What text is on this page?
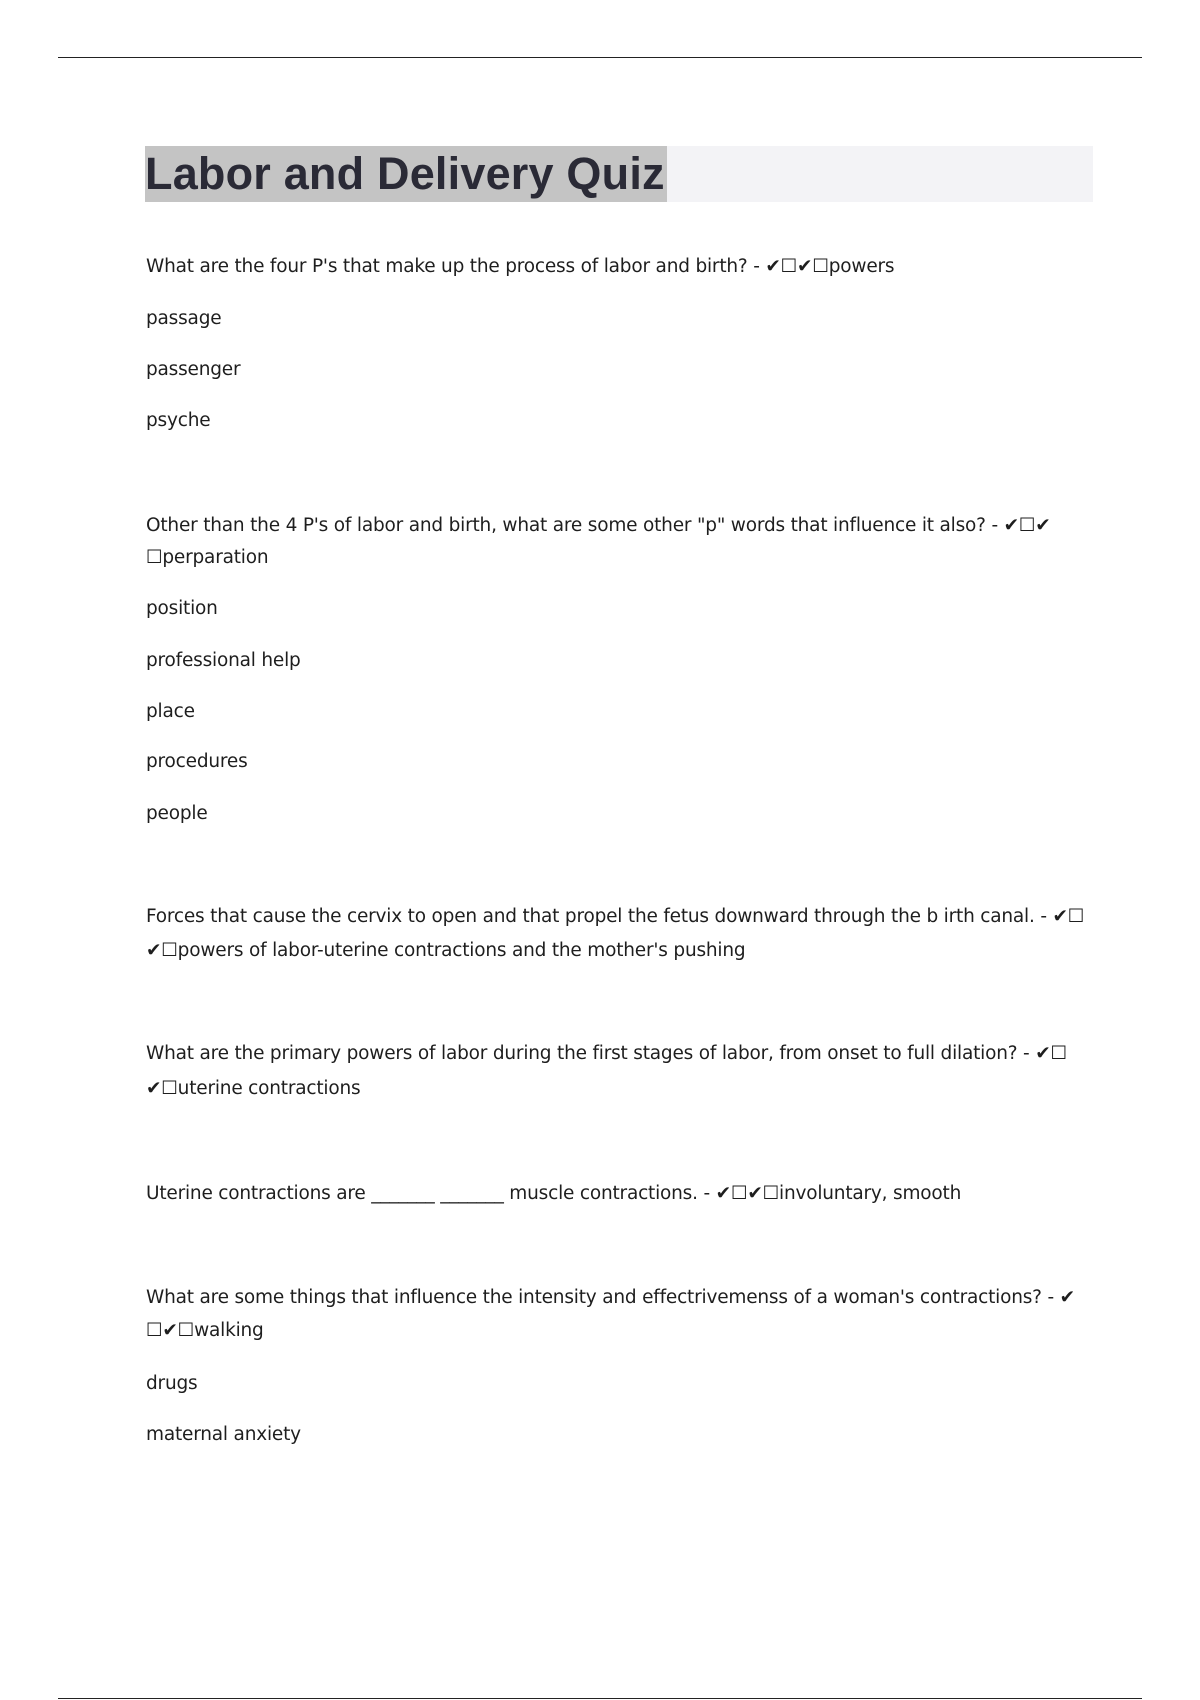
Labor and Delivery Quiz
What are the four P's that make up the process of labor and birth? - ✔☐✔☐powers
passage
passenger
psyche
Other than the 4 P's of labor and birth, what are some other "p" words that influence it also? - ✔☐✔
☐perparation
position
professional help
place
procedures
people
Forces that cause the cervix to open and that propel the fetus downward through the b irth canal. - ✔☐
✔☐powers of labor-uterine contractions and the mother's pushing
What are the primary powers of labor during the first stages of labor, from onset to full dilation? - ✔☐
✔☐uterine contractions
Uterine contractions are _______ _______ muscle contractions. - ✔☐✔☐involuntary, smooth
What are some things that influence the intensity and effectrivemenss of a woman's contractions? - ✔
☐✔☐walking
drugs
maternal anxiety
